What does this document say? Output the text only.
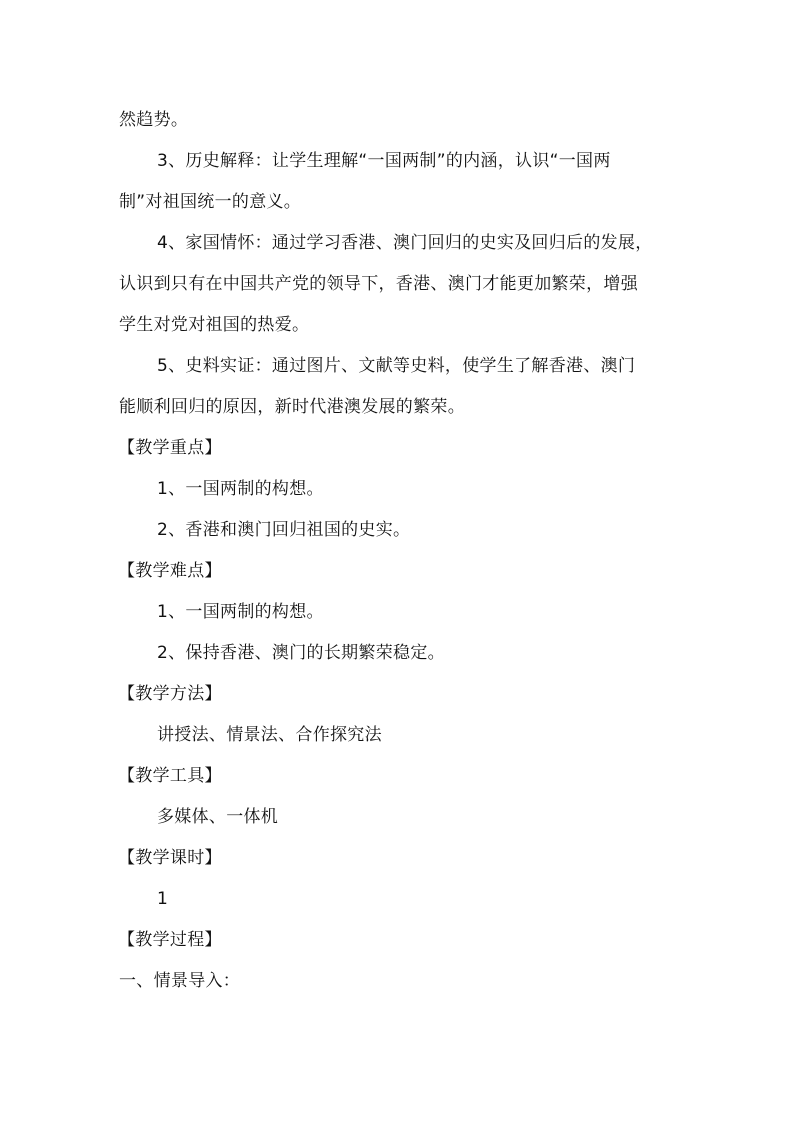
然趋势。
3、历史解释：让学生理解“一国两制”的内涵，认识“一国两
制”对祖国统一的意义。
4、家国情怀：通过学习香港、澳门回归的史实及回归后的发展，
认识到只有在中国共产党的领导下，香港、澳门才能更加繁荣，增强
学生对党对祖国的热爱。
5、史料实证：通过图片、文献等史料，使学生了解香港、澳门
能顺利回归的原因，新时代港澳发展的繁荣。
【教学重点】
1、一国两制的构想。
2、香港和澳门回归祖国的史实。
【教学难点】
1、一国两制的构想。
2、保持香港、澳门的长期繁荣稳定。
【教学方法】
讲授法、情景法、合作探究法
【教学工具】
多媒体、一体机
【教学课时】
1
【教学过程】
一、情景导入：
